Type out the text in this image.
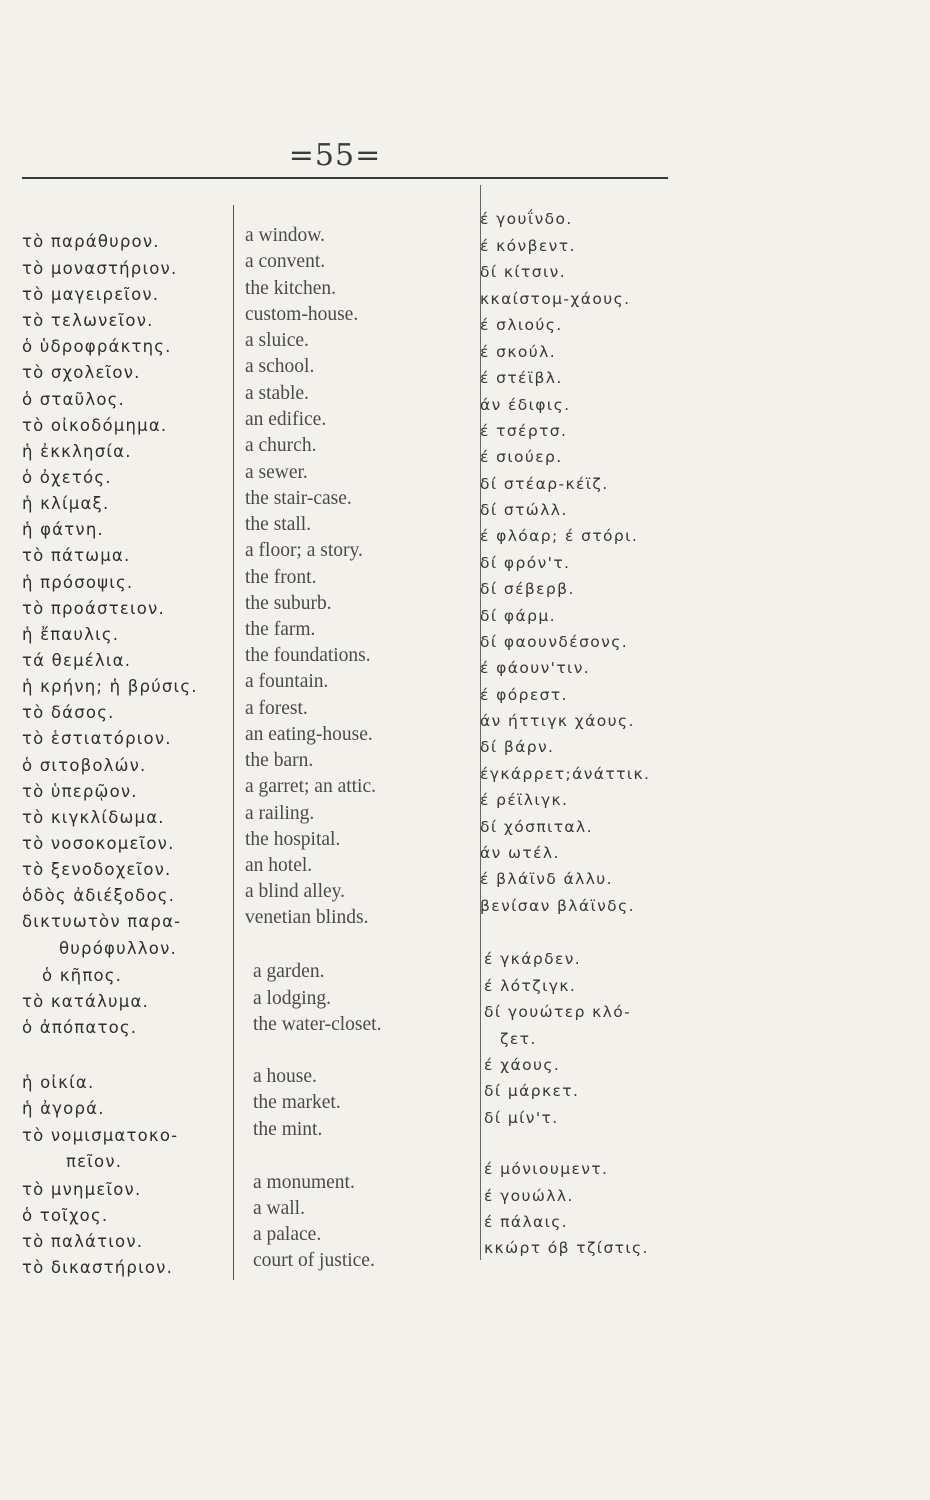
=55=
τὸ παράθυρον.
τὸ μοναστήριον.
τὸ μαγειρεῖον.
τὸ τελωνεῖον.
ὁ ὑδροφράκτης.
τὸ σχολεῖον.
ὁ σταῦλος.
τὸ οἰκοδόμημα.
ἡ ἐκκλησία.
ὁ ὀχετός.
ἡ κλίμαξ.
ἡ φάτνη.
τὸ πάτωμα.
ἡ πρόσοψις.
τὸ προάστειον.
ἡ ἔπαυλις.
τά θεμέλια.
ἡ κρήνη; ἡ βρύσις.
τὸ δάσος.
τὸ ἑστιατόριον.
ὁ σιτοβολών.
τὸ ὑπερῷον.
τὸ κιγκλίδωμα.
τὸ νοσοκομεῖον.
τὸ ξενοδοχεῖον.
ὁδὸς ἀδιέξοδος.
δικτυωτὸν παρα-
θυρόφυλλον.
ὁ κῆπος.
τὸ κατάλυμα.
ὁ ἀπόπατος.
ἡ οἰκία.
ἡ ἀγορά.
τὸ νομισματοκο-
πεῖον.
τὸ μνημεῖον.
ὁ τοῖχος.
τὸ παλάτιον.
τὸ δικαστήριον.
a window.
a convent.
the kitchen.
custom-house.
a sluice.
a school.
a stable.
an edifice.
a church.
a sewer.
the stair-case.
the stall.
a floor; a story.
the front.
the suburb.
the farm.
the foundations.
a fountain.
a forest.
an eating-house.
the barn.
a garret; an attic.
a railing.
the hospital.
an hotel.
a blind alley.
venetian blinds.
a garden.
a lodging.
the water-closet.
a house.
the market.
the mint.
a monument.
a wall.
a palace.
court of justice.
έ γουΐνδο.
έ κόνβεντ.
δί κίτσιν.
κκαίστομ-χάους.
έ σλιούς.
έ σκούλ.
έ στέϊβλ.
άν έδιφις.
έ τσέρτσ.
έ σιούερ.
δί στέαρ-κέϊζ.
δί στώλλ.
έ φλόαρ; έ στόρι.
δί φρόν'τ.
δί σέβερβ.
δί φάρμ.
δί φαουνδέσονς.
έ φάουν'τιν.
έ φόρεστ.
άν ήττιγκ χάους.
δί βάρν.
έγκάρρετ;άνάττικ.
έ ρέϊλιγκ.
δί χόσπιταλ.
άν ωτέλ.
έ βλάϊνδ άλλυ.
βενίσαν βλάϊνδς.
έ γκάρδεν.
έ λότζιγκ.
δί γουώτερ κλό-
ζετ.
έ χάους.
δί μάρκετ.
δί μίν'τ.
έ μόνιουμεντ.
έ γουώλλ.
έ πάλαις.
κκώρτ όβ τζίστις.
